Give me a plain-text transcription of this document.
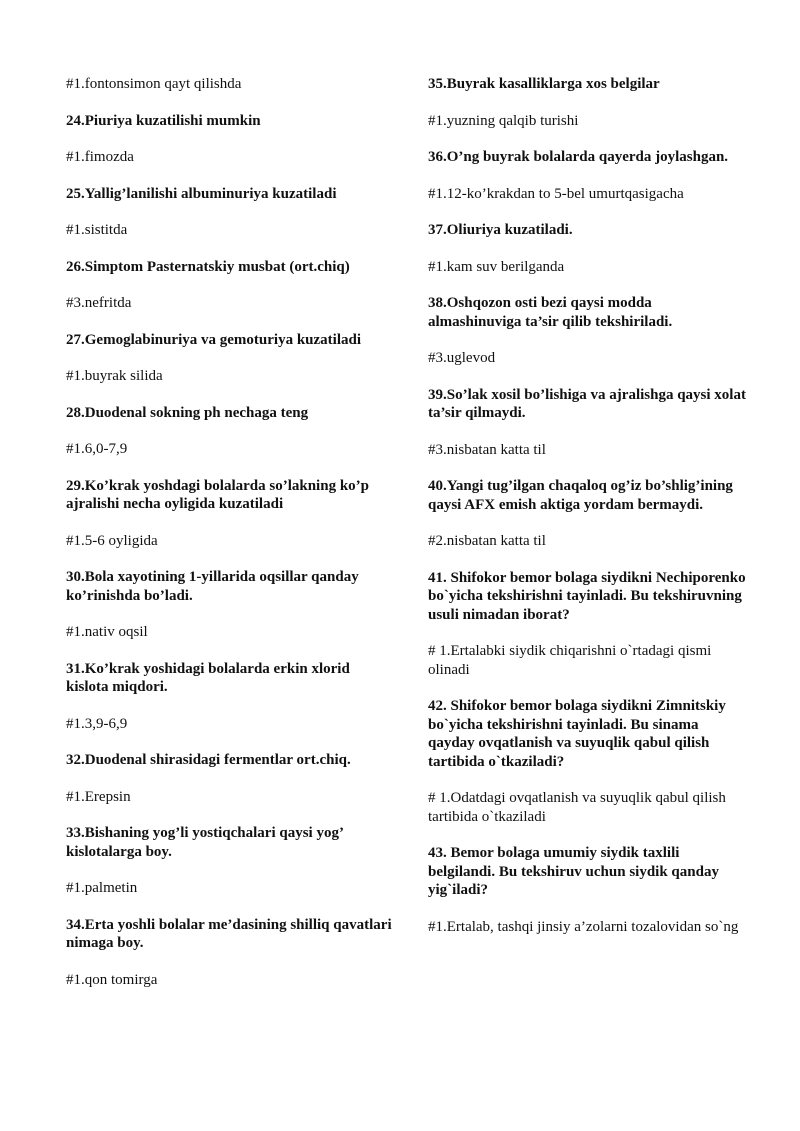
#1.fontonsimon qayt qilishda

24.Piuriya kuzatilishi mumkin

#1.fimozda

25.Yallig’lanilishi albuminuriya kuzatiladi

#1.sistitda

26.Simptom Pasternatskiy musbat (ort.chiq)

#3.nefritda

27.Gemoglabinuriya va gemoturiya kuzatiladi

#1.buyrak silida

28.Duodenal sokning ph nechaga teng

#1.6,0-7,9

29.Ko’krak yoshdagi bolalarda so’lakning ko’p ajralishi necha oyligida kuzatiladi

#1.5-6 oyligida

30.Bola xayotining 1-yillarida oqsillar qanday ko’rinishda bo’ladi.

#1.nativ oqsil

31.Ko’krak yoshidagi bolalarda erkin xlorid kislota miqdori.

#1.3,9-6,9

32.Duodenal shirasidagi fermentlar ort.chiq.

#1.Erepsin

33.Bishaning yog’li yostiqchalari qaysi yog’ kislotalarga boy.

#1.palmetin

34.Erta yoshli bolalar me’dasining shilliq qavatlari nimaga boy.

#1.qon tomirga

35.Buyrak kasalliklarga xos belgilar

#1.yuzning qalqib turishi

36.O’ng buyrak bolalarda qayerda joylashgan.

#1.12-ko’krakdan to 5-bel umurtqasigacha

37.Oliuriya kuzatiladi.

#1.kam suv berilganda

38.Oshqozon osti bezi qaysi modda almashinuviga ta’sir qilib tekshiriladi.

#3.uglevod

39.So’lak xosil bo’lishiga va ajralishga qaysi xolat ta’sir qilmaydi.

#3.nisbatan katta til

40.Yangi tug’ilgan chaqaloq og’iz bo’shlig’ining qaysi AFX emish aktiga yordam bermaydi.

#2.nisbatan katta til

41. Shifokor bemor bolaga siydikni Nechiporenko bo`yicha tekshirishni tayinladi. Bu tekshiruvning usuli nimadan iborat?

# 1.Ertalabki siydik chiqarishni o`rtadagi qismi olinadi

42. Shifokor bemor bolaga siydikni Zimnitskiy bo`yicha tekshirishni tayinladi. Bu sinama qayday ovqatlanish va suyuqlik qabul qilish tartibida o`tkaziladi?

# 1.Odatdagi ovqatlanish va suyuqlik qabul qilish tartibida o`tkaziladi

43. Bemor bolaga umumiy siydik taxlili belgilandi. Bu tekshiruv uchun siydik qanday yig`iladi?

#1.Ertalab, tashqi jinsiy a’zolarni tozalovidan so`ng
